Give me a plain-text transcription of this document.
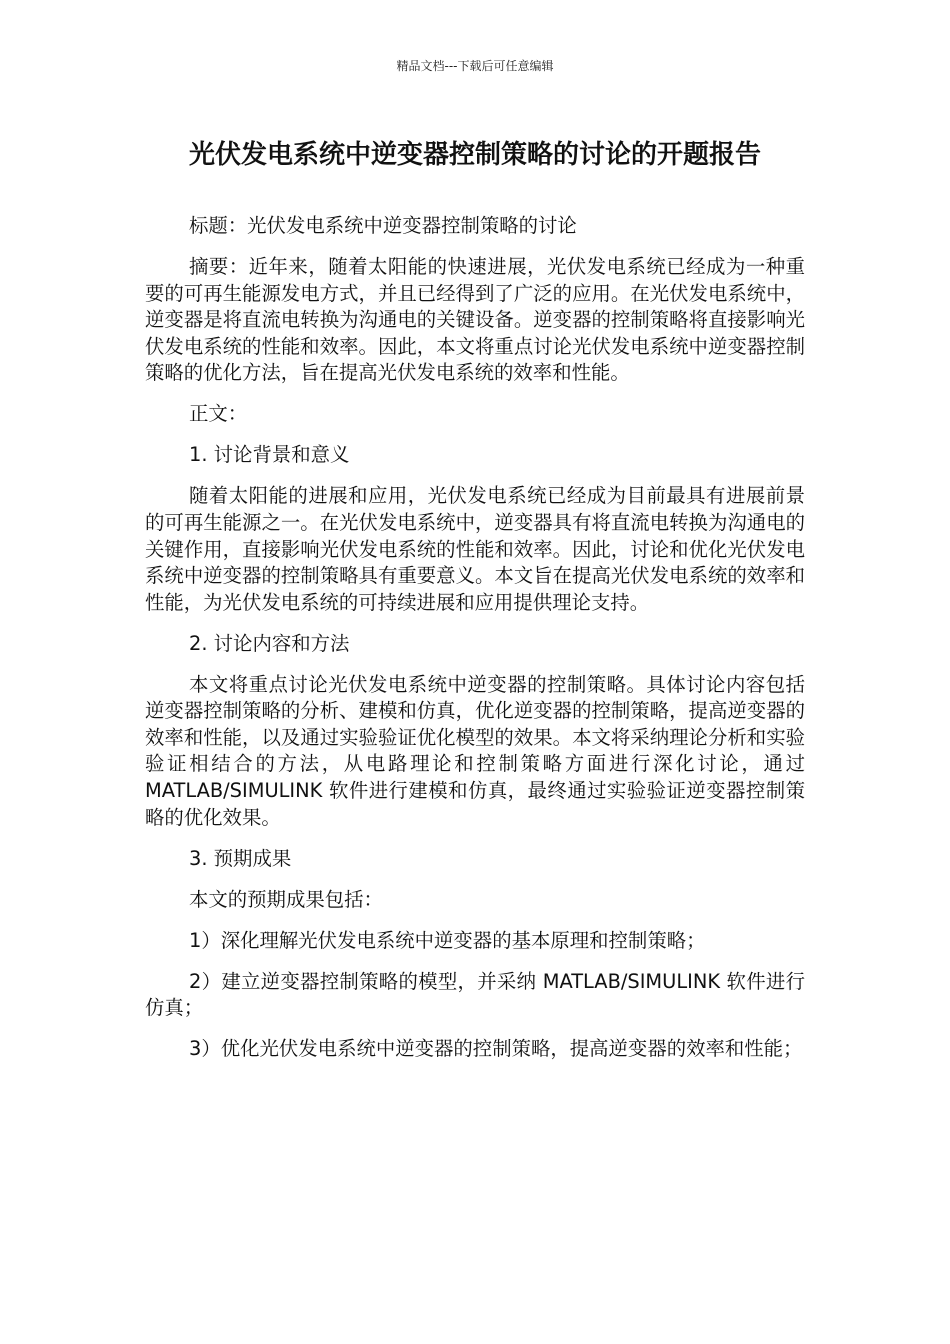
精品文档---下载后可任意编辑
光伏发电系统中逆变器控制策略的讨论的开题报告

标题：光伏发电系统中逆变器控制策略的讨论

摘要：近年来，随着太阳能的快速进展，光伏发电系统已经成为一种重要的可再生能源发电方式，并且已经得到了广泛的应用。在光伏发电系统中，逆变器是将直流电转换为沟通电的关键设备。逆变器的控制策略将直接影响光伏发电系统的性能和效率。因此，本文将重点讨论光伏发电系统中逆变器控制策略的优化方法，旨在提高光伏发电系统的效率和性能。

正文：

1. 讨论背景和意义

随着太阳能的进展和应用，光伏发电系统已经成为目前最具有进展前景的可再生能源之一。在光伏发电系统中，逆变器具有将直流电转换为沟通电的关键作用，直接影响光伏发电系统的性能和效率。因此，讨论和优化光伏发电系统中逆变器的控制策略具有重要意义。本文旨在提高光伏发电系统的效率和性能，为光伏发电系统的可持续进展和应用提供理论支持。

2. 讨论内容和方法

本文将重点讨论光伏发电系统中逆变器的控制策略。具体讨论内容包括逆变器控制策略的分析、建模和仿真，优化逆变器的控制策略，提高逆变器的效率和性能，以及通过实验验证优化模型的效果。本文将采纳理论分析和实验验证相结合的方法，从电路理论和控制策略方面进行深化讨论，通过 MATLAB/SIMULINK 软件进行建模和仿真，最终通过实验验证逆变器控制策略的优化效果。

3. 预期成果

本文的预期成果包括：

1）深化理解光伏发电系统中逆变器的基本原理和控制策略；

2）建立逆变器控制策略的模型，并采纳 MATLAB/SIMULINK 软件进行仿真；

3）优化光伏发电系统中逆变器的控制策略，提高逆变器的效率和性能；
